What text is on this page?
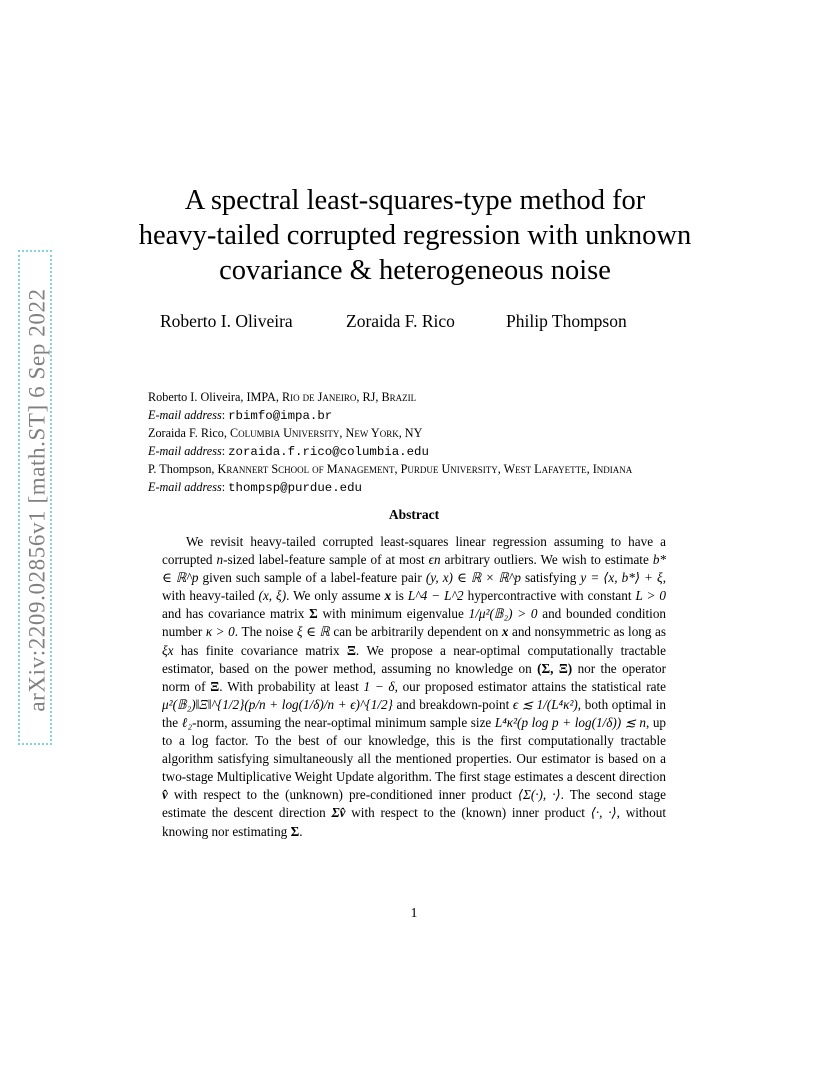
arXiv:2209.02856v1 [math.ST] 6 Sep 2022
A spectral least-squares-type method for
heavy-tailed corrupted regression with unknown
covariance & heterogeneous noise
Roberto I. Oliveira	Zoraida F. Rico	Philip Thompson
Roberto I. Oliveira, IMPA, Rio de Janeiro, RJ, Brazil
E-mail address: rbimfo@impa.br
Zoraida F. Rico, Columbia University, New York, NY
E-mail address: zoraida.f.rico@columbia.edu
P. Thompson, Krannert School of Management, Purdue University, West Lafayette, Indiana
E-mail address: thompsp@purdue.edu
Abstract

We revisit heavy-tailed corrupted least-squares linear regression assuming to have a corrupted n-sized label-feature sample of at most ϵn arbitrary outliers. We wish to estimate b* ∈ ℝ^p given such sample of a label-feature pair (y, x) ∈ ℝ × ℝ^p satisfying y = ⟨x, b*⟩ + ξ, with heavy-tailed (x, ξ). We only assume x is L^4 − L^2 hypercontractive with constant L > 0 and has covariance matrix Σ with minimum eigenvalue 1/μ²(𝔹₂) > 0 and bounded condition number κ > 0. The noise ξ ∈ ℝ can be arbitrarily dependent on x and nonsymmetric as long as ξx has finite covariance matrix Ξ. We propose a near-optimal computationally tractable estimator, based on the power method, assuming no knowledge on (Σ, Ξ) nor the operator norm of Ξ. With probability at least 1 − δ, our proposed estimator attains the statistical rate μ²(𝔹₂)‖Ξ‖^{1/2}(p/n + log(1/δ)/n + ϵ)^{1/2} and breakdown-point ϵ ≲ 1/(L⁴κ²), both optimal in the ℓ₂-norm, assuming the near-optimal minimum sample size L⁴κ²(p log p + log(1/δ)) ≲ n, up to a log factor. To the best of our knowledge, this is the first computationally tractable algorithm satisfying simultaneously all the mentioned properties. Our estimator is based on a two-stage Multiplicative Weight Update algorithm. The first stage estimates a descent direction v̂ with respect to the (unknown) pre-conditioned inner product ⟨Σ(·), ·⟩. The second stage estimate the descent direction Σv̂ with respect to the (known) inner product ⟨·, ·⟩, without knowing nor estimating Σ.

1
